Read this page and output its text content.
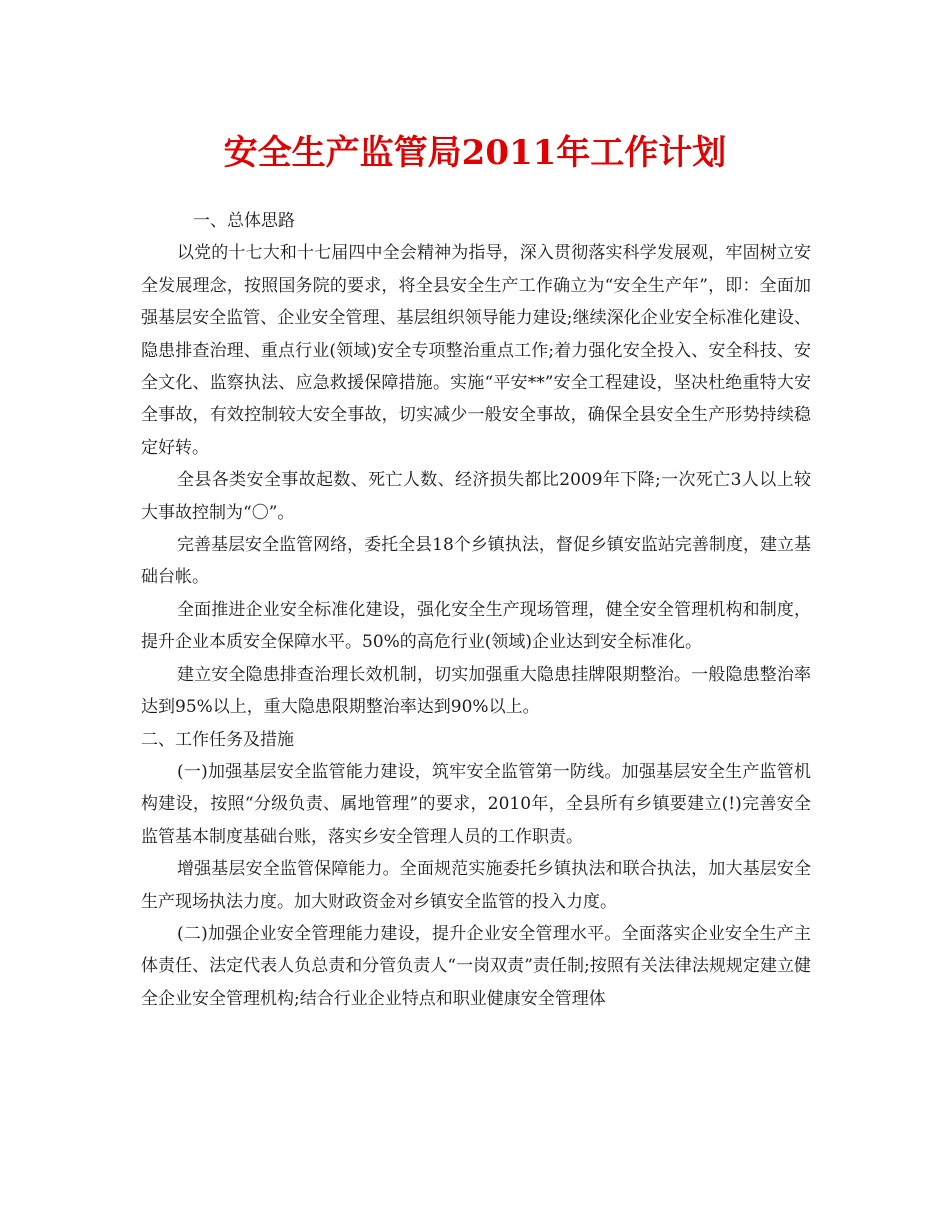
安全生产监管局2011年工作计划

一、总体思路

以党的十七大和十七届四中全会精神为指导，深入贯彻落实科学发展观，牢固树立安全发展理念，按照国务院的要求，将全县安全生产工作确立为“安全生产年”，即：全面加强基层安全监管、企业安全管理、基层组织领导能力建设;继续深化企业安全标准化建设、隐患排查治理、重点行业(领域)安全专项整治重点工作;着力强化安全投入、安全科技、安全文化、监察执法、应急救援保障措施。实施“平安**”安全工程建设，坚决杜绝重特大安全事故，有效控制较大安全事故，切实减少一般安全事故，确保全县安全生产形势持续稳定好转。

全县各类安全事故起数、死亡人数、经济损失都比2009年下降;一次死亡3人以上较大事故控制为“〇”。

完善基层安全监管网络，委托全县18个乡镇执法，督促乡镇安监站完善制度，建立基础台帐。

全面推进企业安全标准化建设，强化安全生产现场管理，健全安全管理机构和制度，提升企业本质安全保障水平。50%的高危行业(领域)企业达到安全标准化。

建立安全隐患排查治理长效机制，切实加强重大隐患挂牌限期整治。一般隐患整治率达到95%以上，重大隐患限期整治率达到90%以上。

二、工作任务及措施

(一)加强基层安全监管能力建设，筑牢安全监管第一防线。加强基层安全生产监管机构建设，按照“分级负责、属地管理”的要求，2010年，全县所有乡镇要建立(!)完善安全监管基本制度基础台账，落实乡安全管理人员的工作职责。

增强基层安全监管保障能力。全面规范实施委托乡镇执法和联合执法，加大基层安全生产现场执法力度。加大财政资金对乡镇安全监管的投入力度。

(二)加强企业安全管理能力建设，提升企业安全管理水平。全面落实企业安全生产主体责任、法定代表人负总责和分管负责人“一岗双责”责任制;按照有关法律法规规定建立健全企业安全管理机构;结合行业企业特点和职业健康安全管理体
